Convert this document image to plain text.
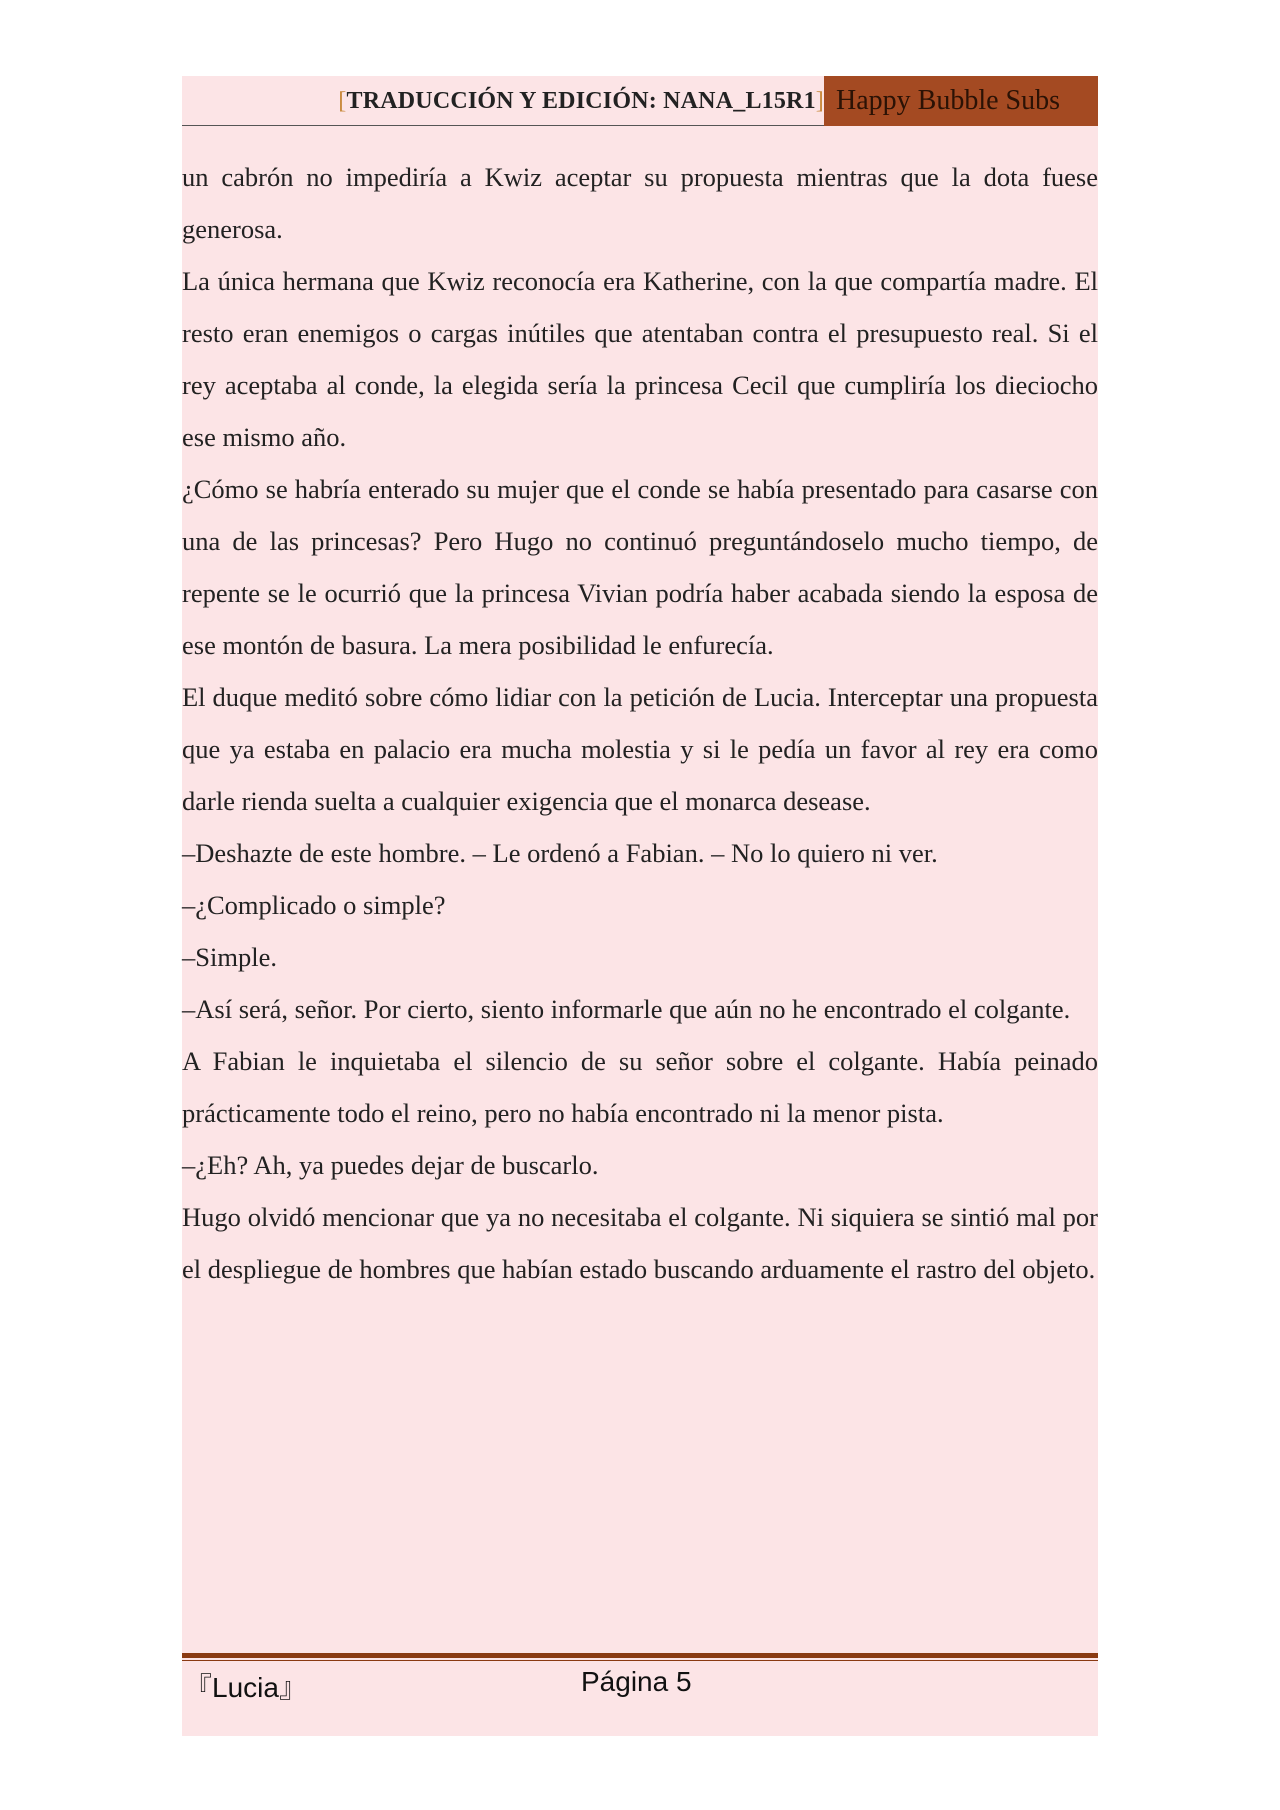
[TRADUCCIÓN Y EDICIÓN: NANA_L15R1] Happy Bubble Subs

un cabrón no impediría a Kwiz aceptar su propuesta mientras que la dota fuese generosa.

La única hermana que Kwiz reconocía era Katherine, con la que compartía madre. El resto eran enemigos o cargas inútiles que atentaban contra el presupuesto real. Si el rey aceptaba al conde, la elegida sería la princesa Cecil que cumpliría los dieciocho ese mismo año.

¿Cómo se habría enterado su mujer que el conde se había presentado para casarse con una de las princesas? Pero Hugo no continuó preguntándoselo mucho tiempo, de repente se le ocurrió que la princesa Vivian podría haber acabada siendo la esposa de ese montón de basura. La mera posibilidad le enfurecía.

El duque meditó sobre cómo lidiar con la petición de Lucia. Interceptar una propuesta que ya estaba en palacio era mucha molestia y si le pedía un favor al rey era como darle rienda suelta a cualquier exigencia que el monarca desease.

–Deshazte de este hombre. – Le ordenó a Fabian. – No lo quiero ni ver.

–¿Complicado o simple?

–Simple.

–Así será, señor. Por cierto, siento informarle que aún no he encontrado el colgante.

A Fabian le inquietaba el silencio de su señor sobre el colgante. Había peinado prácticamente todo el reino, pero no había encontrado ni la menor pista.

–¿Eh? Ah, ya puedes dejar de buscarlo.

Hugo olvidó mencionar que ya no necesitaba el colgante. Ni siquiera se sintió mal por el despliegue de hombres que habían estado buscando arduamente el rastro del objeto.

『Lucia』	Página 5
